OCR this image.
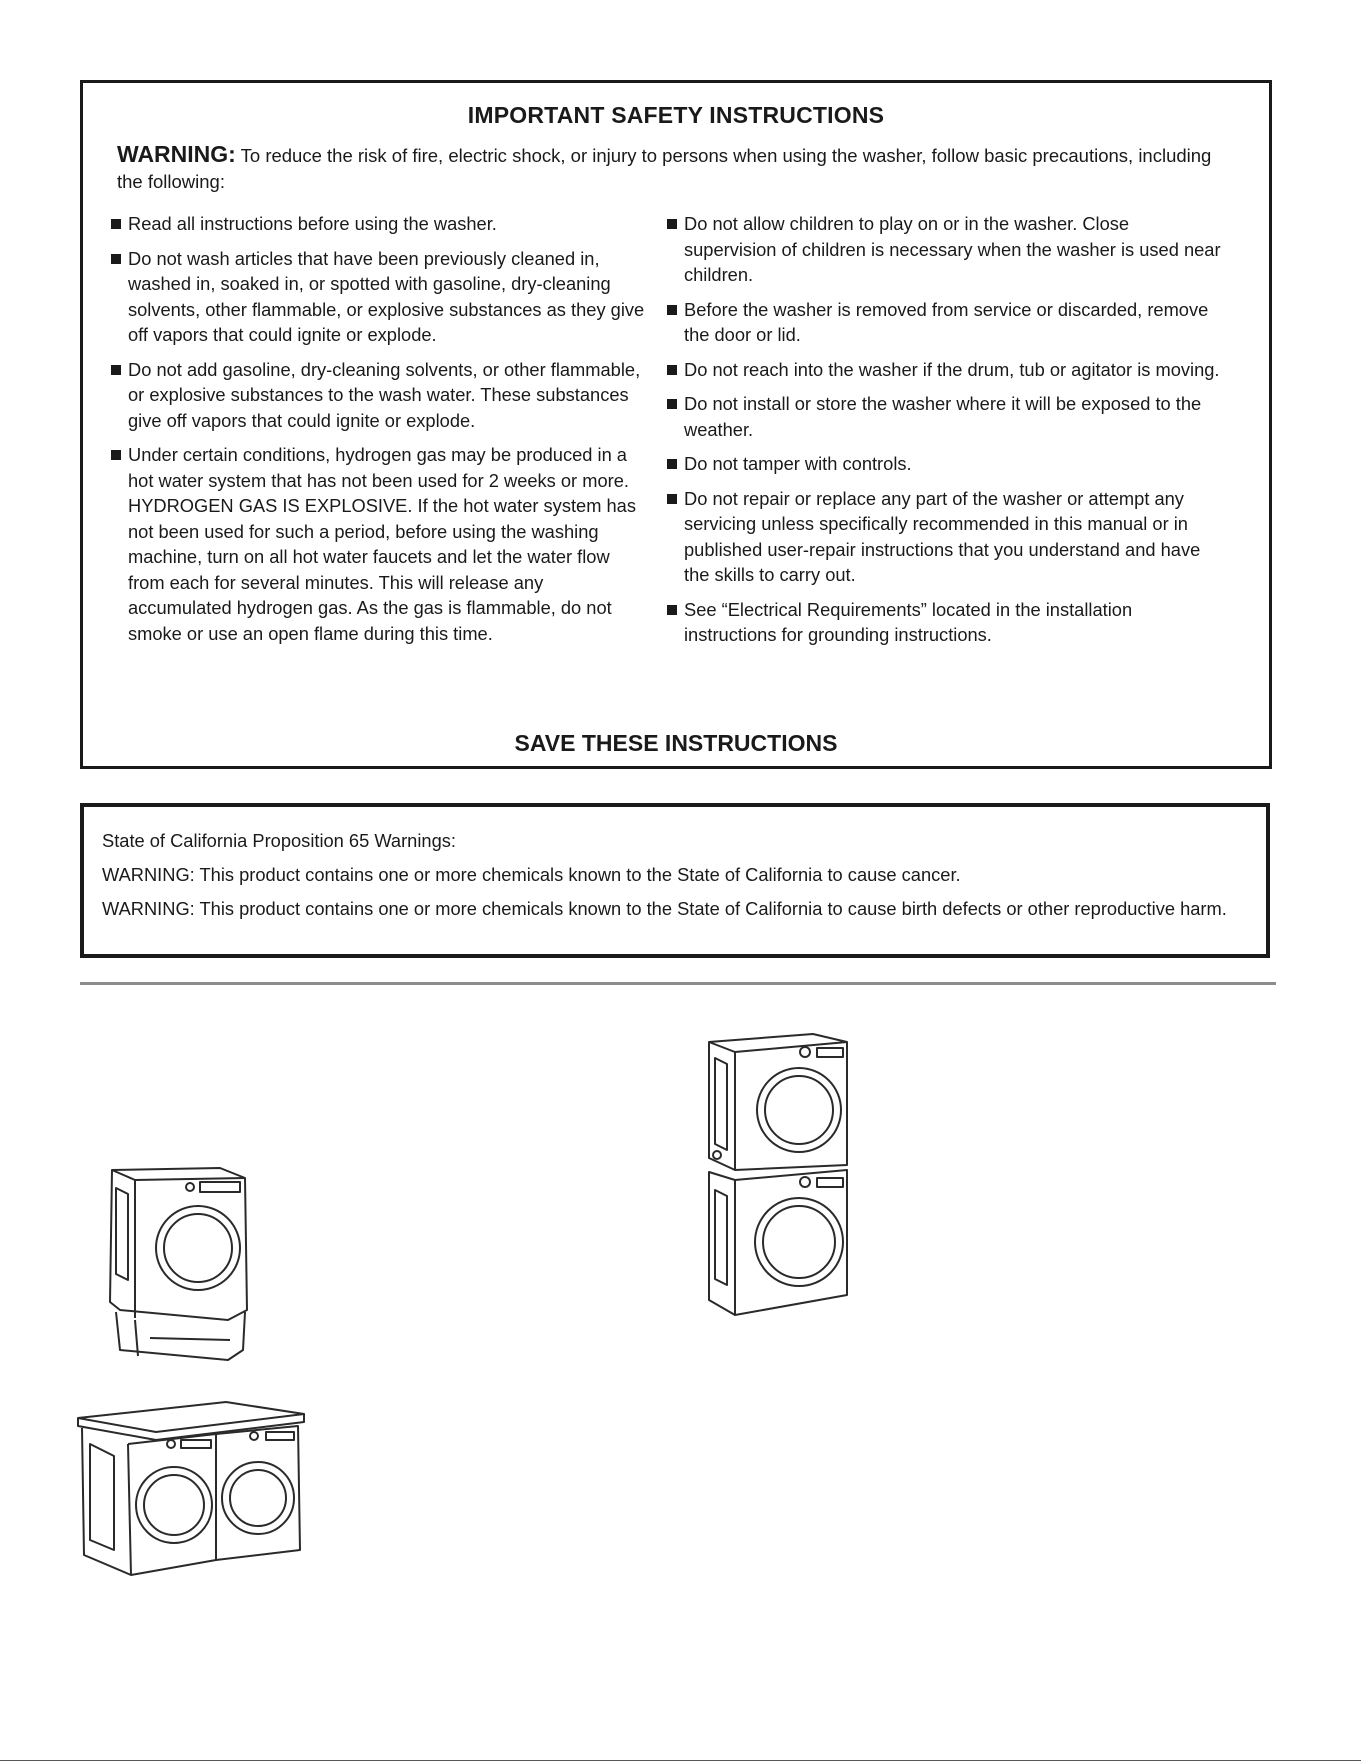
IMPORTANT SAFETY INSTRUCTIONS
WARNING: To reduce the risk of fire, electric shock, or injury to persons when using the washer, follow basic precautions, including the following:
Read all instructions before using the washer.
Do not wash articles that have been previously cleaned in, washed in, soaked in, or spotted with gasoline, dry-cleaning solvents, other flammable, or explosive substances as they give off vapors that could ignite or explode.
Do not add gasoline, dry-cleaning solvents, or other flammable, or explosive substances to the wash water. These substances give off vapors that could ignite or explode.
Under certain conditions, hydrogen gas may be produced in a hot water system that has not been used for 2 weeks or more. HYDROGEN GAS IS EXPLOSIVE. If the hot water system has not been used for such a period, before using the washing machine, turn on all hot water faucets and let the water flow from each for several minutes. This will release any accumulated hydrogen gas. As the gas is flammable, do not smoke or use an open flame during this time.
Do not allow children to play on or in the washer. Close supervision of children is necessary when the washer is used near children.
Before the washer is removed from service or discarded, remove the door or lid.
Do not reach into the washer if the drum, tub or agitator is moving.
Do not install or store the washer where it will be exposed to the weather.
Do not tamper with controls.
Do not repair or replace any part of the washer or attempt any servicing unless specifically recommended in this manual or in published user-repair instructions that you understand and have the skills to carry out.
See “Electrical Requirements” located in the installation instructions for grounding instructions.
SAVE THESE INSTRUCTIONS

State of California Proposition 65 Warnings:

WARNING: This product contains one or more chemicals known to the State of California to cause cancer.

WARNING: This product contains one or more chemicals known to the State of California to cause birth defects or other reproductive harm.
